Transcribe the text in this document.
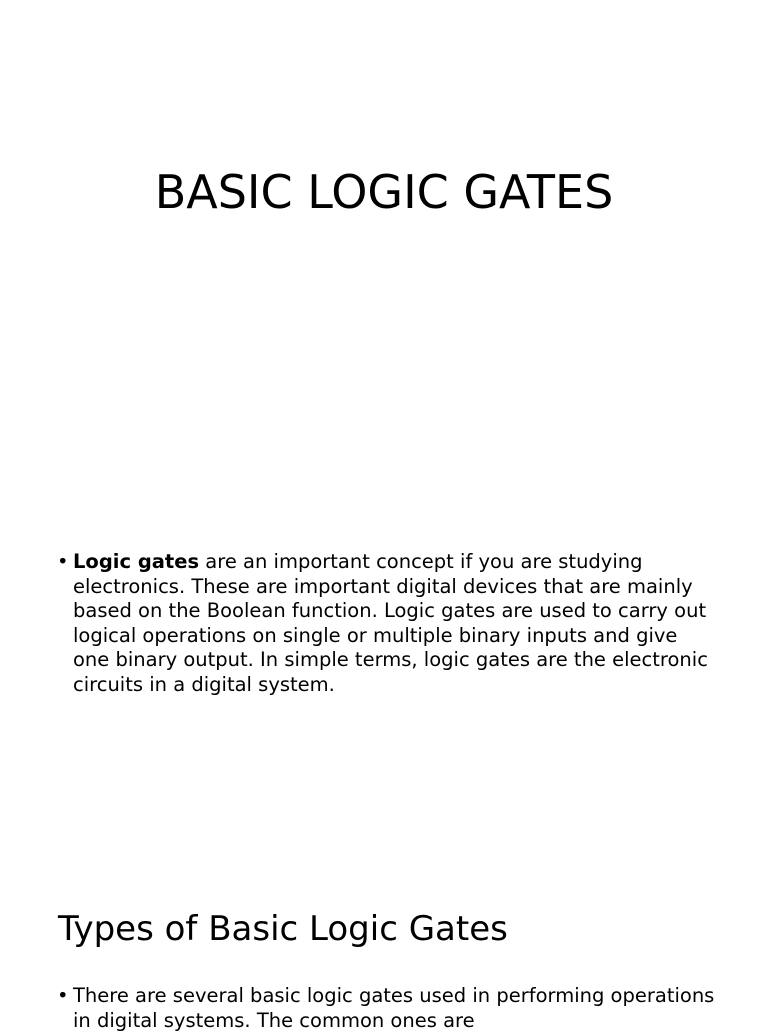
BASIC LOGIC GATES
• Logic gates are an important concept if you are studying electronics. These are important digital devices that are mainly based on the Boolean function. Logic gates are used to carry out logical operations on single or multiple binary inputs and give one binary output. In simple terms, logic gates are the electronic circuits in a digital system.
Types of Basic Logic Gates
• There are several basic logic gates used in performing operations in digital systems. The common ones are
